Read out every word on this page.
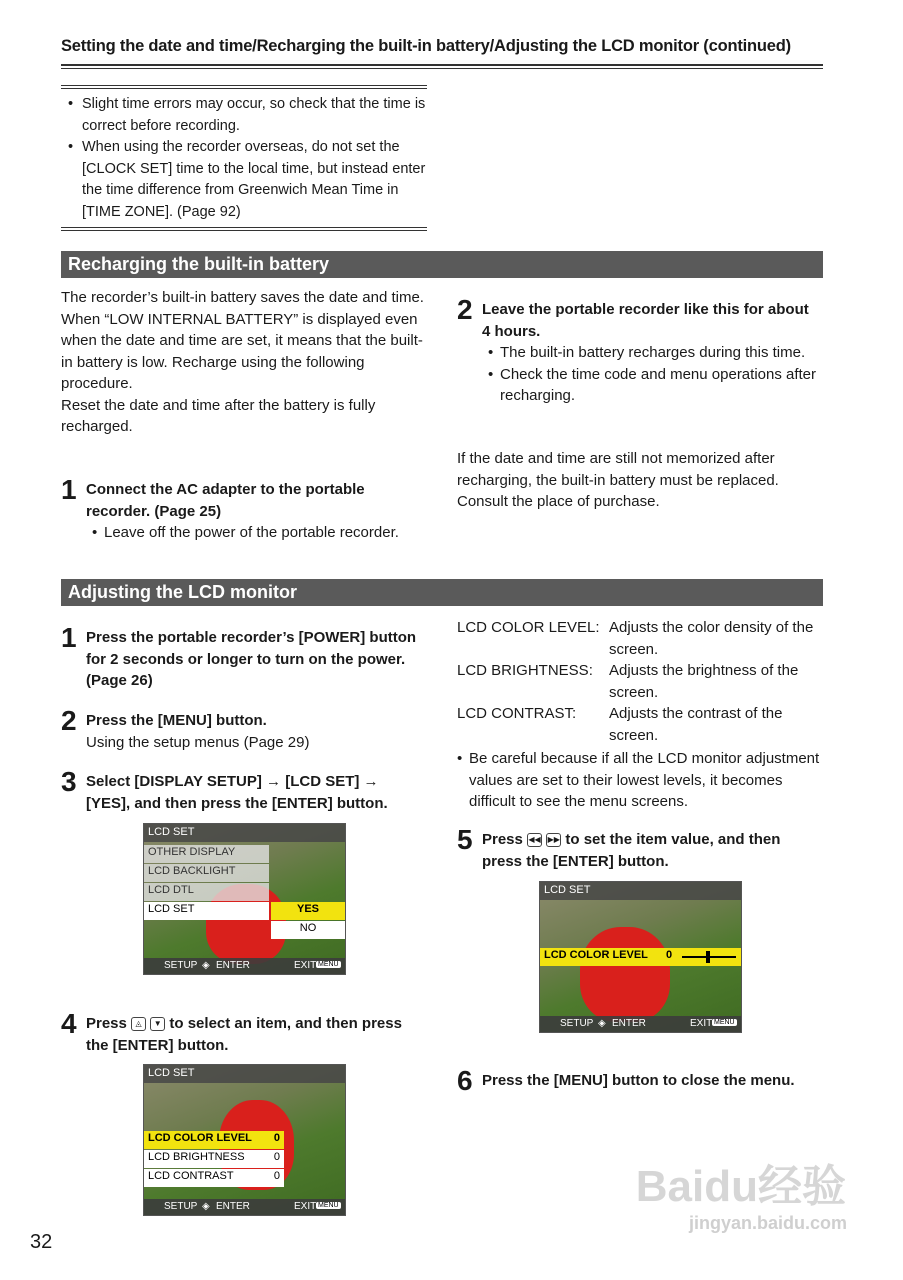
Setting the date and time/Recharging the built-in battery/Adjusting the LCD monitor (continued)
• Slight time errors may occur, so check that the time is correct before recording.
• When using the recorder overseas, do not set the [CLOCK SET] time to the local time, but instead enter the time difference from Greenwich Mean Time in [TIME ZONE]. (Page 92)
Recharging the built-in battery
The recorder’s built-in battery saves the date and time.
When “LOW INTERNAL BATTERY” is displayed even when the date and time are set, it means that the built-in battery is low. Recharge using the following procedure.
Reset the date and time after the battery is fully recharged.
1 Connect the AC adapter to the portable recorder. (Page 25)
• Leave off the power of the portable recorder.
2 Leave the portable recorder like this for about 4 hours.
• The built-in battery recharges during this time.
• Check the time code and menu operations after recharging.
If the date and time are still not memorized after recharging, the built-in battery must be replaced. Consult the place of purchase.
Adjusting the LCD monitor
1 Press the portable recorder’s [POWER] button for 2 seconds or longer to turn on the power. (Page 26)
2 Press the [MENU] button.
Using the setup menus (Page 29)
3 Select [DISPLAY SETUP] → [LCD SET] → [YES], and then press the [ENTER] button.
LCD SET
OTHER DISPLAY
LCD BACKLIGHT
LCD DTL
LCD SET	YES
NO
SETUP ◈ ENTER	EXIT MENU
4 Press ◬ ▼ to select an item, and then press the [ENTER] button.
LCD SET
LCD COLOR LEVEL 0
LCD BRIGHTNESS	0
LCD CONTRAST	0
SETUP ◈ ENTER	EXIT MENU
LCD COLOR LEVEL: Adjusts the color density of the screen.
LCD BRIGHTNESS:	Adjusts the brightness of the screen.
LCD CONTRAST:	Adjusts the contrast of the screen.
• Be careful because if all the LCD monitor adjustment values are set to their lowest levels, it becomes difficult to see the menu screens.
5 Press ◀◀ ▶▶ to set the item value, and then press the [ENTER] button.
LCD SET
LCD COLOR LEVEL 0
SETUP ◈ ENTER	EXIT MENU
6 Press the [MENU] button to close the menu.
32
Baidu经验
jingyan.baidu.com
